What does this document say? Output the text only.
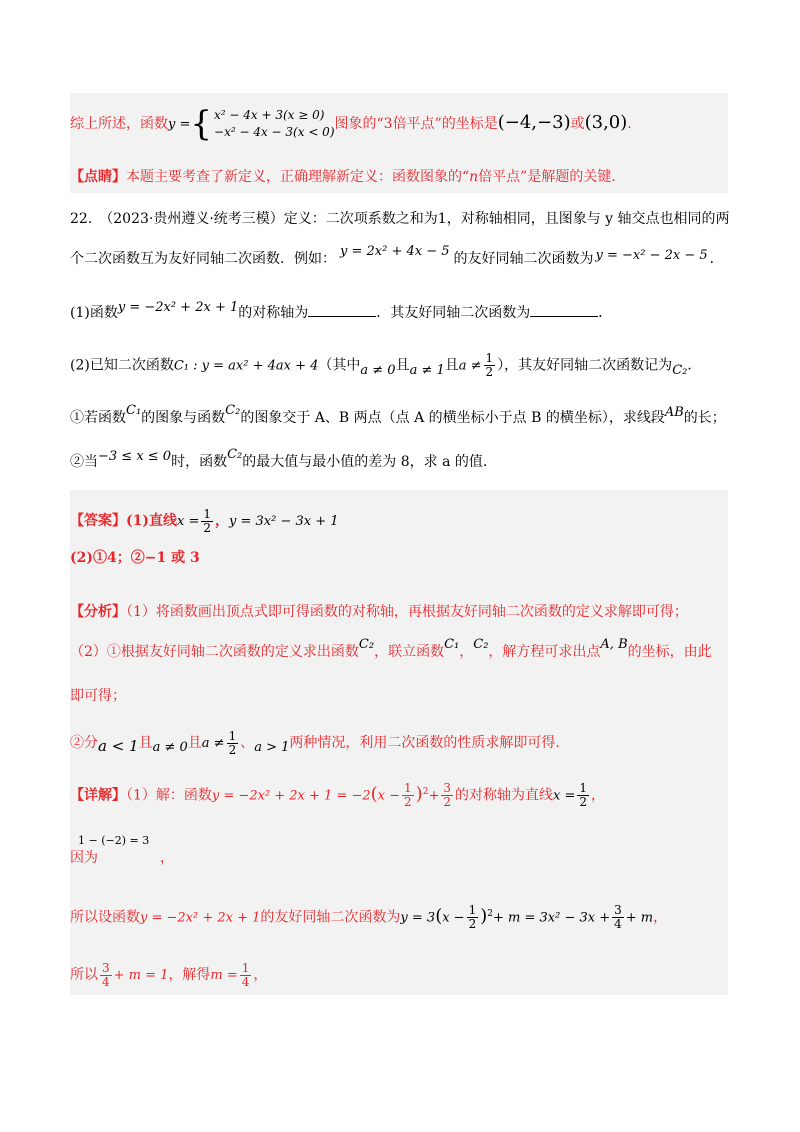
综上所述，函数y ={ x² − 4x + 3(x ≥ 0)
−x² − 4x − 3(x < 0) 图象的“3倍平点”的坐标是(−4,−3)或(3,0).
【点睛】本题主要考查了新定义，正确理解新定义：函数图象的“n倍平点”是解题的关键.
22.　（2023·贵州遵义·统考三模）定义：二次项系数之和为1，对称轴相同，且图象与 y 轴交点也相同的两
个二次函数互为友好同轴二次函数．例如： y = 2x² + 4x − 5 的友好同轴二次函数为 y = −x² − 2x − 5 ．
(1)函数y = −2x² + 2x + 1的对称轴为	．其友好同轴二次函数为	．
(2)已知二次函数C₁ : y = ax² + 4ax + 4（其中a ≠ 0且a ≠ 1且$a \ne \frac{1}{2}$ ），其友好同轴二次函数记为C₂．
①若函数C₁的图象与函数C₂的图象交于 A、B 两点（点 A 的横坐标小于点 B 的横坐标），求线段AB的长；
②当−3 ≤ x ≤ 0时，函数C₂的最大值与最小值的差为 8，求 a 的值.
【答案】(1)直线$x = \frac{1}{2}$ ，y = 3x² − 3x + 1
(2)①4；②−1 或 3
【分析】（1）将函数画出顶点式即可得函数的对称轴，再根据友好同轴二次函数的定义求解即可得；
（2）①根据友好同轴二次函数的定义求出函数C₂，联立函数C₁，C₂，解方程可求出点A, B的坐标，由此
即可得；
②分a < 1且a ≠ 0且$a \ne \frac{1}{2}$ 、a > 1两种情况，利用二次函数的性质求解即可得.
【详解】（1）解：函数$y = -2x^2 + 2x + 1 = -2(x - \frac{1}{2} )^2+ \frac{3}{2}$ 的对称轴为直线$x = \frac{1}{2}$ ，
1 − (−2) = 3
因为	，
所以设函数y = −2x² + 2x + 1的友好同轴二次函数为$y = 3(x - \frac{1}{2} )^2+ m = 3x^2 - 3x + \frac{3}{4} + m$，
所以 $\frac{3}{4} + m = 1$，解得$m = \frac{1}{4}$ ，
